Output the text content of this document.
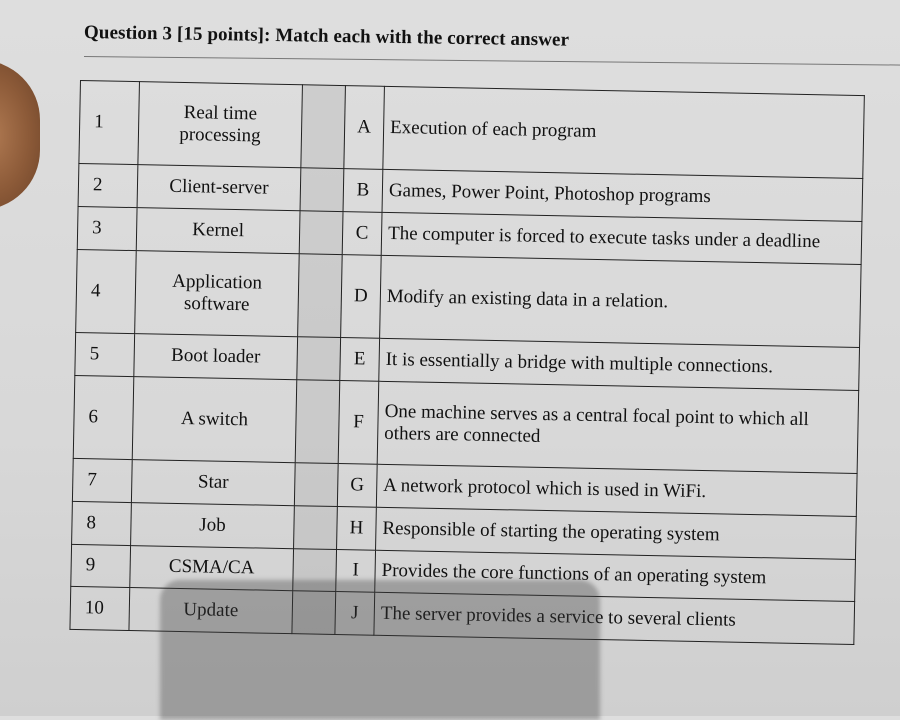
Question 3 [15 points]: Match each with the correct answer
1	Real time processing		A	Execution of each program
2	Client-server		B	Games, Power Point, Photoshop programs
3	Kernel		C	The computer is forced to execute tasks under a deadline
4	Application software		D	Modify an existing data in a relation.
5	Boot loader		E	It is essentially a bridge with multiple connections.
6	A switch		F	One machine serves as a central focal point to which all others are connected
7	Star		G	A network protocol which is used in WiFi.
8	Job		H	Responsible of starting the operating system
9	CSMA/CA		I	Provides the core functions of an operating system
10	Update		J	The server provides a service to several clients
